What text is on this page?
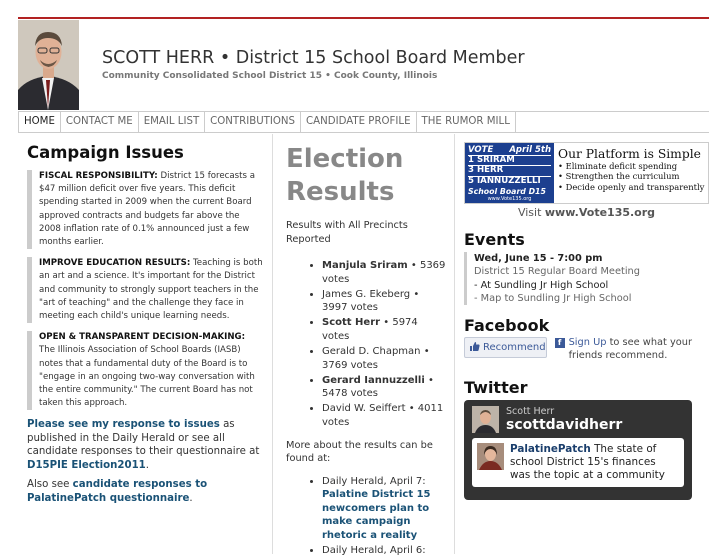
SCOTT HERR • District 15 School Board Member
Community Consolidated School District 15 • Cook County, Illinois
HOME	CONTACT ME	EMAIL LIST	CONTRIBUTIONS	CANDIDATE PROFILE	THE RUMOR MILL
Campaign Issues
FISCAL RESPONSIBILITY: District 15 forecasts a $47 million deficit over five years. This deficit spending started in 2009 when the current Board approved contracts and budgets far above the 2008 inflation rate of 0.1% announced just a few months earlier.
IMPROVE EDUCATION RESULTS: Teaching is both an art and a science. It's important for the District and community to strongly support teachers in the "art of teaching" and the challenge they face in meeting each child's unique learning needs.
OPEN & TRANSPARENT DECISION-MAKING:
The Illinois Association of School Boards (IASB) notes that a fundamental duty of the Board is to "engage in an ongoing two-way conversation with the entire community." The current Board has not taken this approach.

Please see my response to issues as published in the Daily Herald or see all candidate responses to their questionnaire at D15PIE Election2011.

Also see candidate responses to PalatinePatch questionnaire.

Election Results
Results with All Precincts Reported
• Manjula Sriram • 5369 votes
• James G. Ekeberg • 3997 votes
• Scott Herr • 5974 votes
• Gerald D. Chapman • 3769 votes
• Gerard Iannuzzelli • 5478 votes
• David W. Seiffert • 4011 votes
More about the results can be found at:
• Daily Herald, April 7: Palatine District 15 newcomers plan to make campaign rhetoric a reality
• Daily Herald, April 6:
VOTE April 5th
1 SRIRAM
3 HERR
5 IANNUZZELLI
School Board D15
www.Vote135.org
Our Platform is Simple
• Eliminate deficit spending
• Strengthen the curriculum
• Decide openly and transparently
Visit www.Vote135.org
Events
Wed, June 15 - 7:00 pm
District 15 Regular Board Meeting
- At Sundling Jr High School
- Map to Sundling Jr High School
Facebook
Recommend	f Sign Up to see what your friends recommend.
Twitter
Scott Herr
scottdavidherr
PalatinePatch The state of school District 15's finances was the topic at a community
